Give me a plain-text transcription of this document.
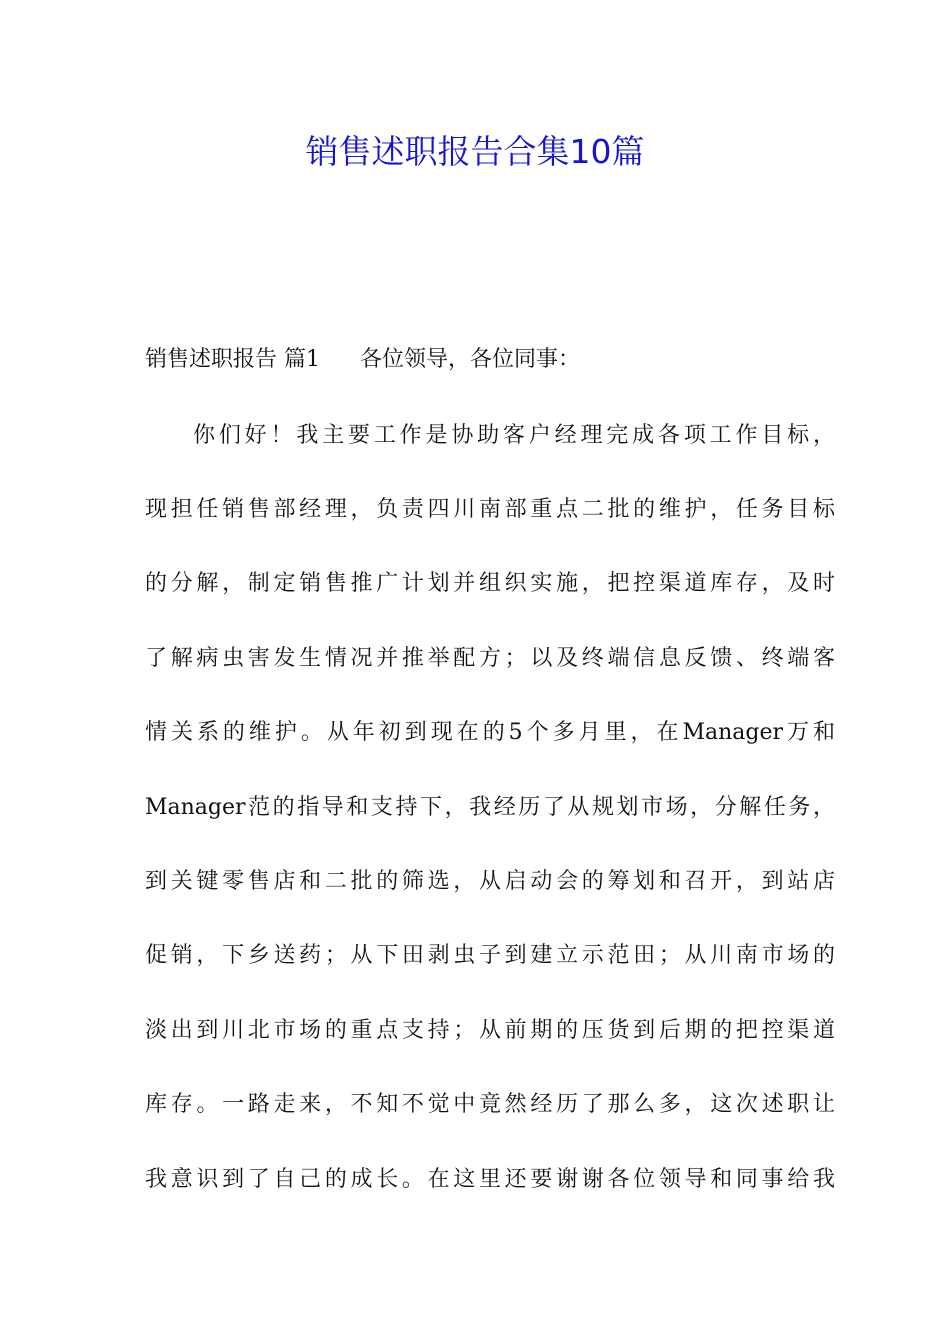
销售述职报告合集10篇
销售述职报告 篇1 各位领导，各位同事：
你们好！我主要工作是协助客户经理完成各项工作目标，
现担任销售部经理，负责四川南部重点二批的维护，任务目标
的分解，制定销售推广计划并组织实施，把控渠道库存，及时
了解病虫害发生情况并推举配方；以及终端信息反馈、终端客
情关系的维护。从年初到现在的5个多月里，在Manager万和
Manager范的指导和支持下，我经历了从规划市场，分解任务，
到关键零售店和二批的筛选，从启动会的筹划和召开，到站店
促销，下乡送药；从下田剥虫子到建立示范田；从川南市场的
淡出到川北市场的重点支持；从前期的压货到后期的把控渠道
库存。一路走来，不知不觉中竟然经历了那么多，这次述职让
我意识到了自己的成长。在这里还要谢谢各位领导和同事给我
